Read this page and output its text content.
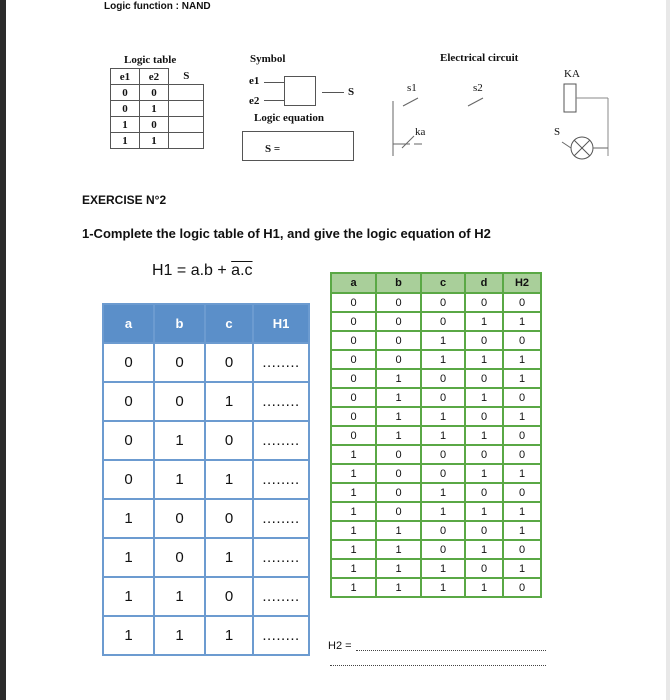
Logic function : NAND
Logic table
e1	e2	S
0	0	
0	1	
1	0	
1	1	
Symbol
e1
e2
S
Logic equation
S =
Electrical circuit
s1	s2
KA
ka	S
EXERCISE N°2
1-Complete the logic table of H1, and give the logic equation of H2
H1 = a.b + a.c
a	b	c	H1
0	0	0	........
0	0	1	........
0	1	0	........
0	1	1	........
1	0	0	........
1	0	1	........
1	1	0	........
1	1	1	........
a	b	c	d	H2
0	0	0	0	0
0	0	0	1	1
0	0	1	0	0
0	0	1	1	1
0	1	0	0	1
0	1	0	1	0
0	1	1	0	1
0	1	1	1	0
1	0	0	0	0
1	0	0	1	1
1	0	1	0	0
1	0	1	1	1
1	1	0	0	1
1	1	0	1	0
1	1	1	0	1
1	1	1	1	0
H2 =
